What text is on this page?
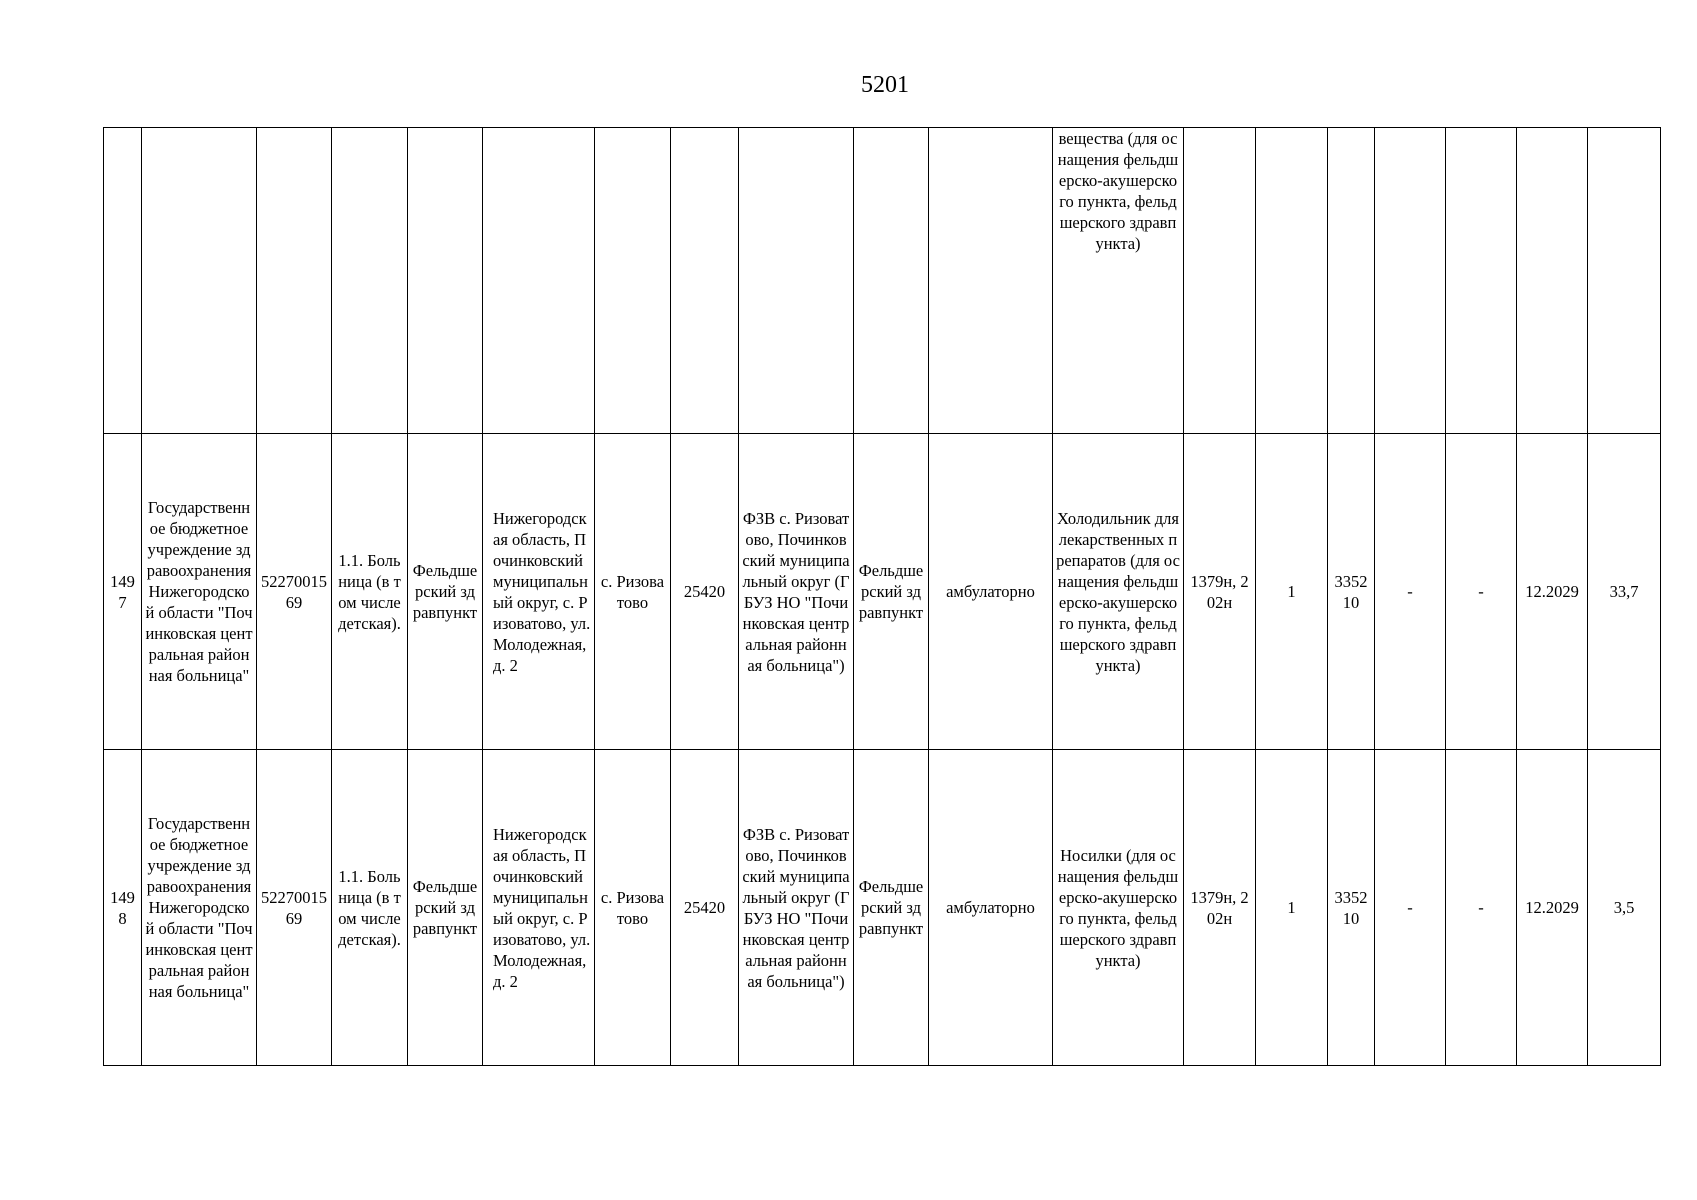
5201
											вещества (для оснащения фельдшерско-акушерского пункта, фельдшерского здравпункта)							
1497	Государственное бюджетное учреждение здравоохранения Нижегородской области "Починковская центральная районная больница"	5227001569	1.1. Больница (в том числе детская).	Фельдшерский здравпункт	Нижегородская область, Починковский муниципальный округ, с. Ризоватово, ул.Молодежная, д. 2	с. Ризоватово	25420	ФЗВ с. Ризоватово, Починковский муниципальный округ (ГБУЗ НО "Починковская центральная районная больница")	Фельдшерский здравпункт	амбулаторно	Холодильник для лекарственных препаратов (для оснащения фельдшерско-акушерского пункта, фельдшерского здравпункта)	1379н, 202н	1	335210	-	-	12.2029	33,7
1498	Государственное бюджетное учреждение здравоохранения Нижегородской области "Починковская центральная районная больница"	5227001569	1.1. Больница (в том числе детская).	Фельдшерский здравпункт	Нижегородская область, Починковский муниципальный округ, с. Ризоватово, ул.Молодежная, д. 2	с. Ризоватово	25420	ФЗВ с. Ризоватово, Починковский муниципальный округ (ГБУЗ НО "Починковская центральная районная больница")	Фельдшерский здравпункт	амбулаторно	Носилки (для оснащения фельдшерско-акушерского пункта, фельдшерского здравпункта)	1379н, 202н	1	335210	-	-	12.2029	3,5
